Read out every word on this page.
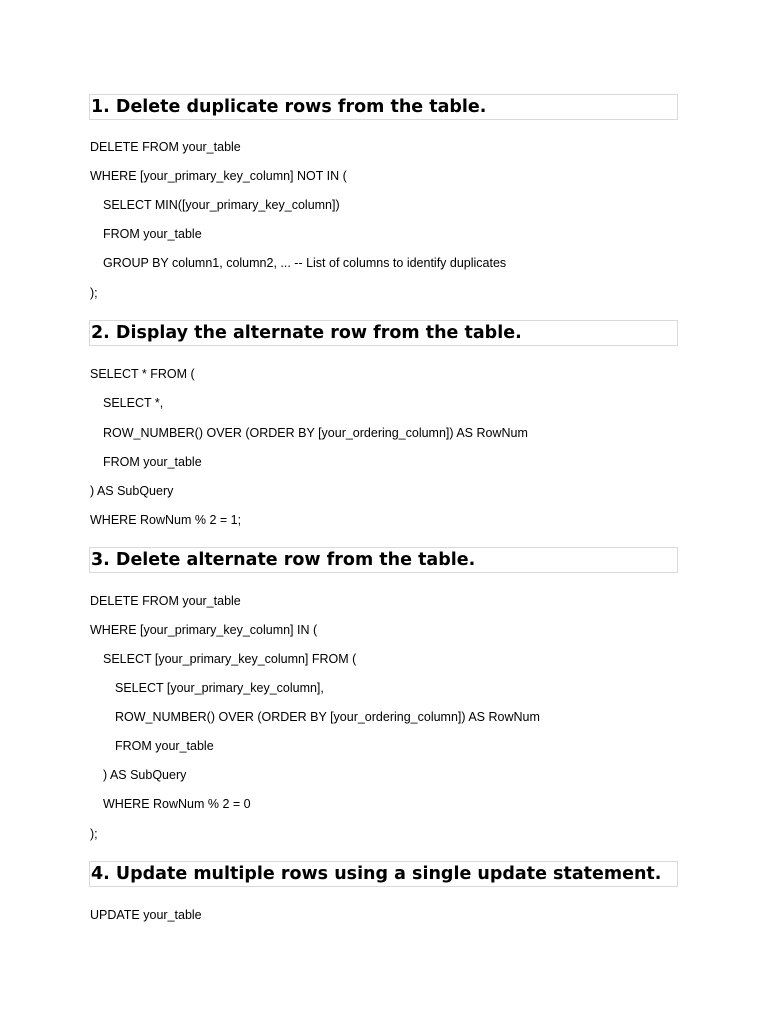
1. Delete duplicate rows from the table.
DELETE FROM your_table
WHERE [your_primary_key_column] NOT IN (
SELECT MIN([your_primary_key_column])
FROM your_table
GROUP BY column1, column2, ... -- List of columns to identify duplicates
);
2. Display the alternate row from the table.
SELECT * FROM (
SELECT *,
ROW_NUMBER() OVER (ORDER BY [your_ordering_column]) AS RowNum
FROM your_table
) AS SubQuery
WHERE RowNum % 2 = 1;
3. Delete alternate row from the table.
DELETE FROM your_table
WHERE [your_primary_key_column] IN (
SELECT [your_primary_key_column] FROM (
SELECT [your_primary_key_column],
ROW_NUMBER() OVER (ORDER BY [your_ordering_column]) AS RowNum
FROM your_table
) AS SubQuery
WHERE RowNum % 2 = 0
);
4. Update multiple rows using a single update statement.
UPDATE your_table
